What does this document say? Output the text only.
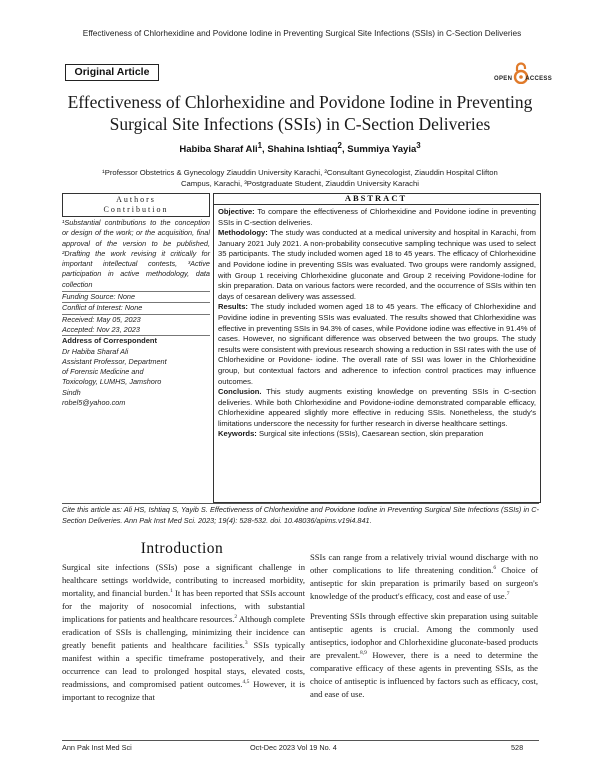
Effectiveness of Chlorhexidine and Povidone Iodine in Preventing Surgical Site Infections (SSIs) in C-Section Deliveries
Original Article
OPEN ACCESS
Effectiveness of Chlorhexidine and Povidone Iodine in Preventing
Surgical Site Infections (SSIs) in C-Section Deliveries
Habiba Sharaf Ali$^1$, Shahina Ishtiaq$^2$, Summiya Yayia$^3$
¹Professor Obstetrics & Gynecology Ziauddin University Karachi, ²Consultant Gynecologist, Ziauddin Hospital Clifton
Campus, Karachi, ³Postgraduate Student, Ziauddin University Karachi
Authors
Contribution
¹Substantial contributions to the conception or design of the work; or the acquisition, final approval of the version to be published, ²Drafting the work revising it critically for important intellectual contests, ³Active participation in active methodology, data collection
Funding Source: None
Conflict of Interest: None
Received: May 05, 2023
Accepted: Nov 23, 2023
Address of Correspondent
Dr Habiba Sharaf Ali
Assistant Professor, Department
of Forensic Medicine and
Toxicology, LUMHS, Jamshoro
Sindh
robel5@yahoo.com
ABSTRACT

Objective: To compare the effectiveness of Chlorhexidine and Povidone iodine in preventing SSIs in C-section deliveries.

Methodology: The study was conducted at a medical university and hospital in Karachi, from January 2021 July 2021. A non-probability consecutive sampling technique was used to select 35 participants. The study included women aged 18 to 45 years. The efficacy of Chlorhexidine and Povidone iodine in preventing SSIs was evaluated. Two groups were randomly assigned, with Group 1 receiving Chlorhexidine gluconate and Group 2 receiving Povidone-Iodine for skin preparation. Data on various factors were recorded, and the occurrence of SSIs within ten days of cesarean delivery was assessed.

Results: The study included women aged 18 to 45 years. The efficacy of Chlorhexidine and Povidine iodine in preventing SSIs was evaluated. The results showed that Chlorhexidine was effective in preventing SSIs in 94.3% of cases, while Povidone iodine was effective in 91.4% of cases. However, no significant difference was observed between the two groups. The study results were consistent with previous research showing a reduction in SSI rates with the use of Chlorhexidine or Povidone- iodine. The overall rate of SSI was lower in the Chlorhexidine group, but contextual factors and adherence to infection control practices may influence outcomes.

Conclusion. This study augments existing knowledge on preventing SSIs in C-section deliveries. While both Chlorhexidine and Povidone-iodine demonstrated comparable efficacy, Chlorhexidine appeared slightly more effective in reducing SSIs. Nonetheless, the study's limitations underscore the necessity for further research in diverse healthcare settings.

Keywords: Surgical site infections (SSIs), Caesarean section, skin preparation

Cite this article as: Ali HS, Ishtiaq S, Yayib S. Effectiveness of Chlorhexidine and Povidone Iodine in Preventing Surgical Site Infections (SSIs) in C-Section Deliveries. Ann Pak Inst Med Sci. 2023; 19(4): 528-532. doi. 10.48036/apims.v19i4.841.
Introduction

Surgical site infections (SSIs) pose a significant challenge in healthcare settings worldwide, contributing to increased morbidity, mortality, and financial burden.$^1$ It has been reported that SSIs account for the majority of nosocomial infections, with substantial implications for patients and healthcare resources.$^2$ Although complete eradication of SSIs is challenging, minimizing their incidence can greatly benefit patients and healthcare facilities.$^3$ SSIs typically manifest within a specific timeframe postoperatively, and their occurrence can lead to prolonged hospital stays, elevated costs, readmissions, and compromised patient outcomes.$^{4,5}$ However, it is important to recognize that

SSIs can range from a relatively trivial wound discharge with no other complications to life threatening condition.$^6$ Choice of antiseptic for skin preparation is primarily based on surgeon's knowledge of the product's efficacy, cost and ease of use.$^7$

Preventing SSIs through effective skin preparation using suitable antiseptic agents is crucial. Among the commonly used antiseptics, iodophor and Chlorhexidine gluconate-based products are prevalent.$^{8,9}$ However, there is a need to determine the comparative efficacy of these agents in preventing SSIs, as the choice of antiseptic is influenced by factors such as efficacy, cost, and ease of use.

Ann Pak Inst Med Sci	Oct-Dec 2023 Vol 19 No. 4	528
